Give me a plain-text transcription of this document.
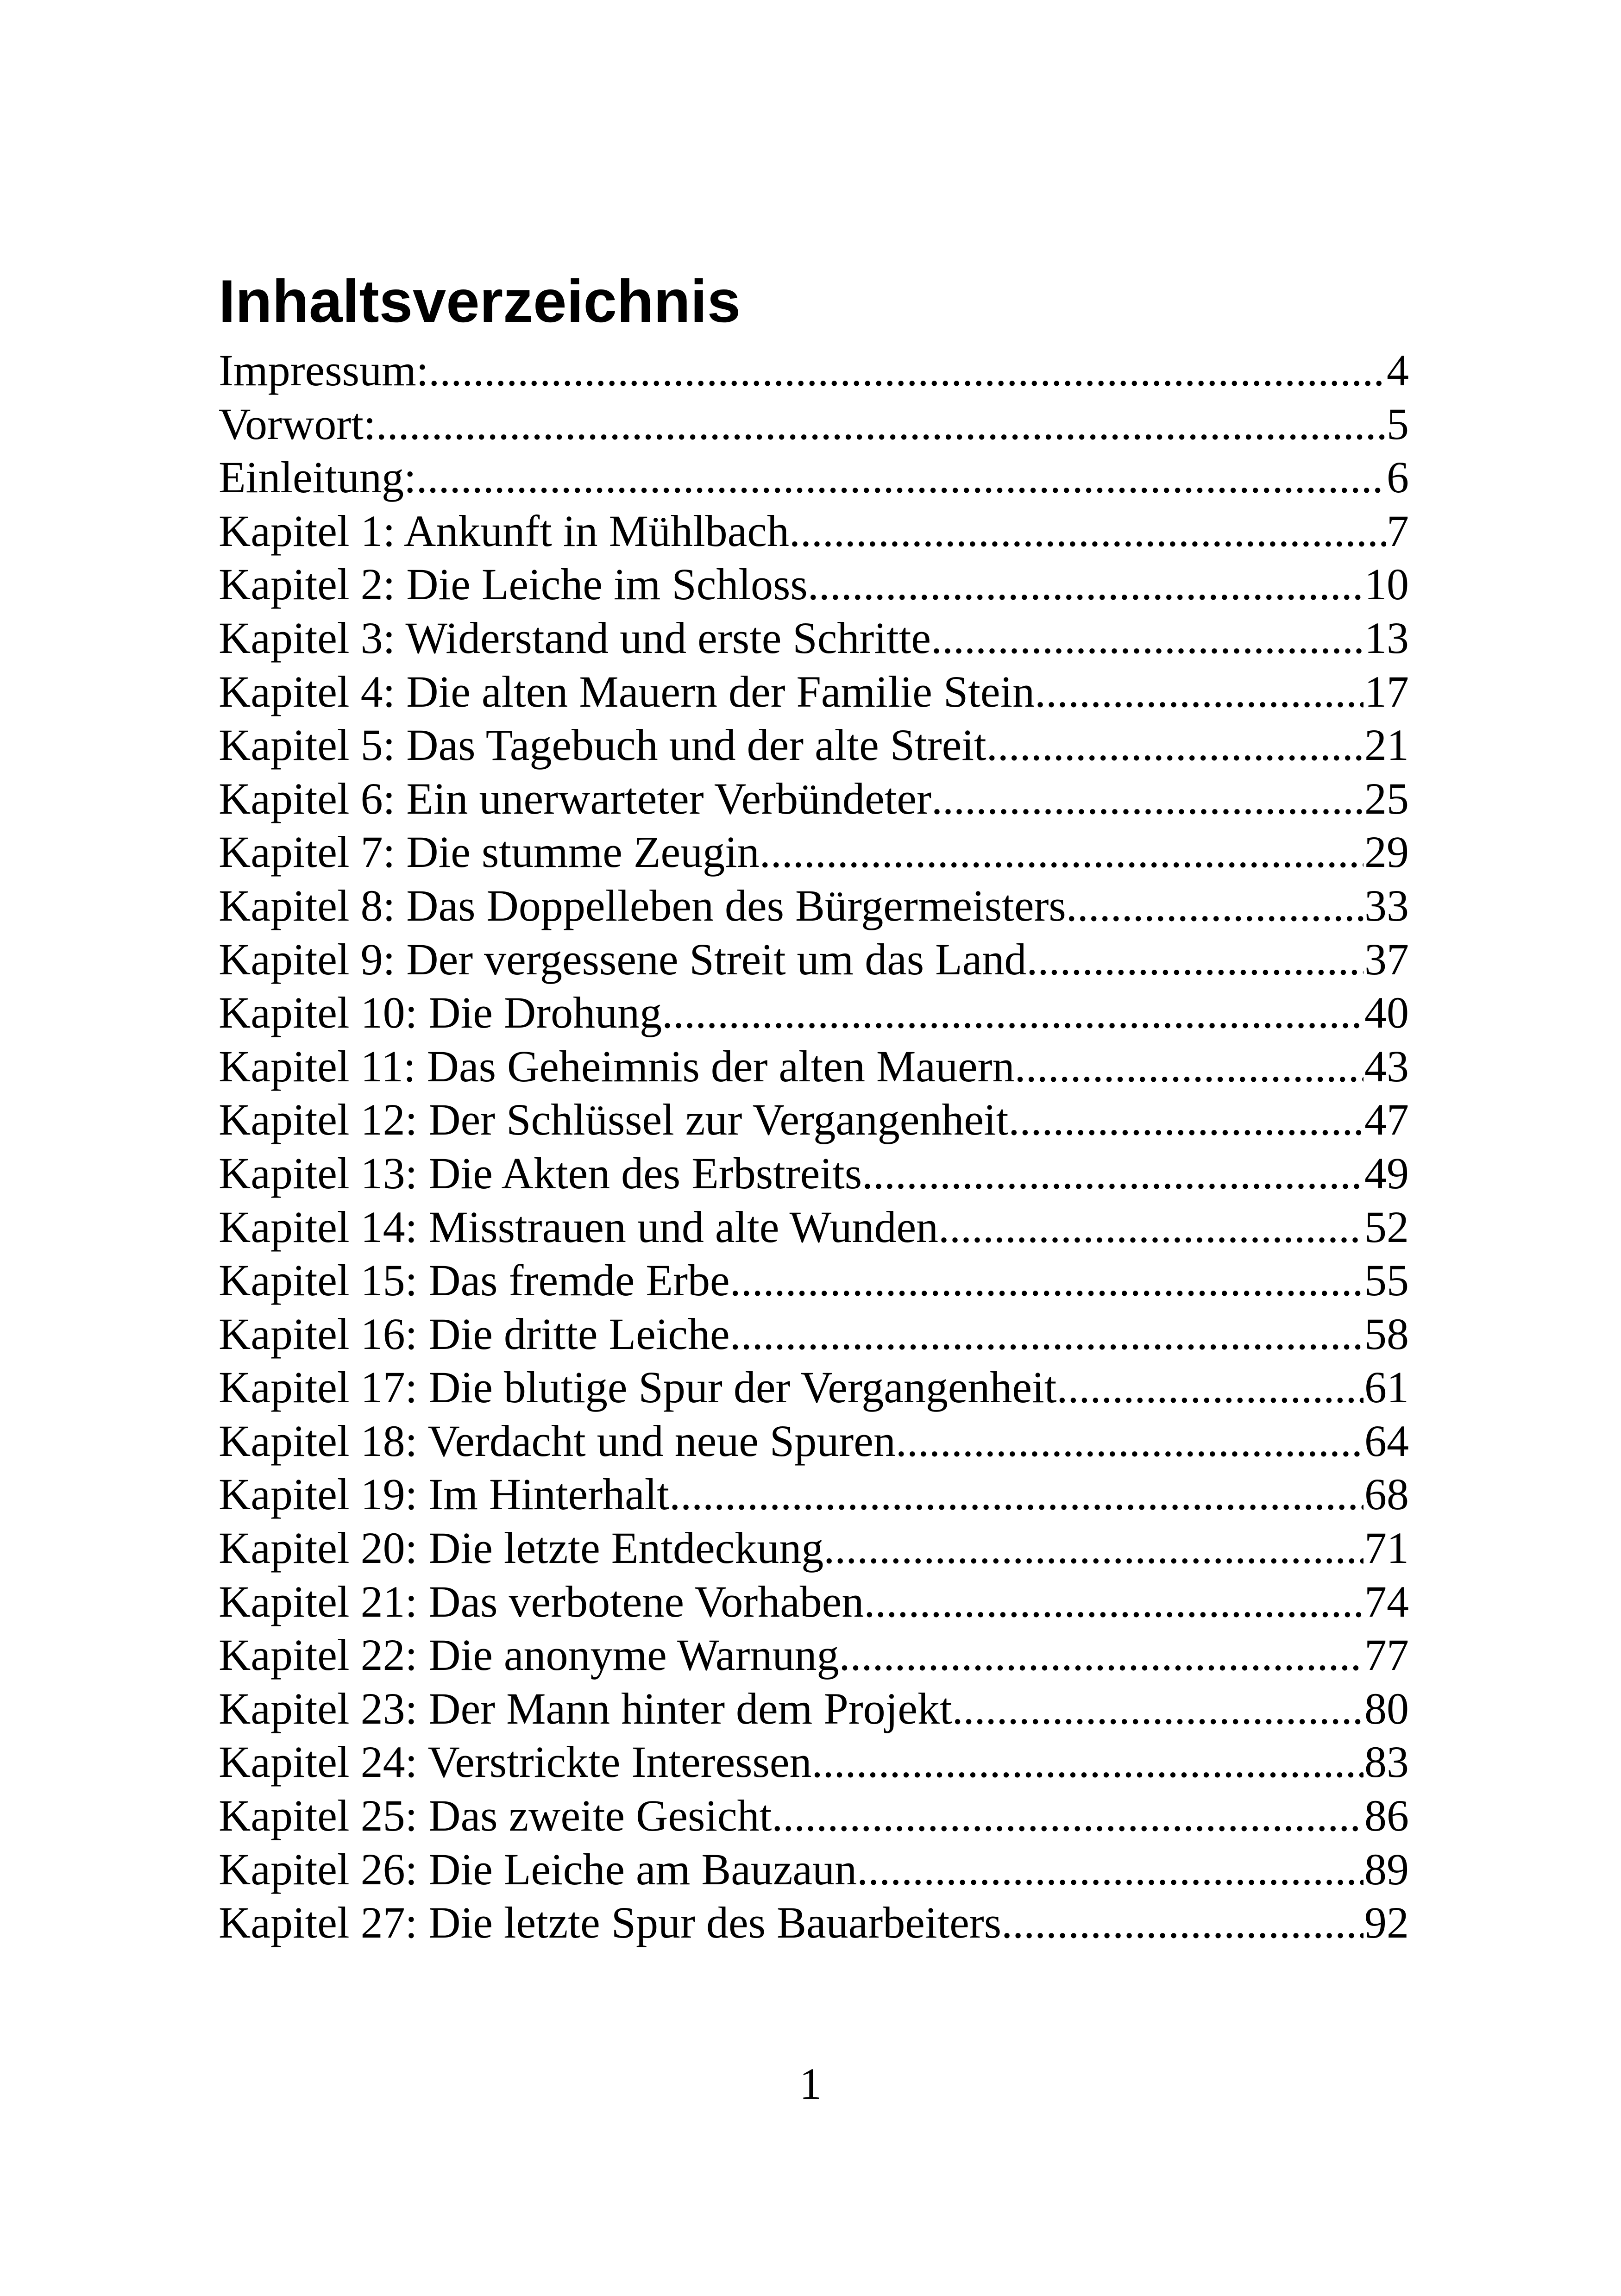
Inhaltsverzeichnis
Impressum: .....	4
Vorwort: .....	5
Einleitung: .....	6
Kapitel 1: Ankunft in Mühlbach .....	7
Kapitel 2: Die Leiche im Schloss .....	10
Kapitel 3: Widerstand und erste Schritte .....	13
Kapitel 4: Die alten Mauern der Familie Stein .....	17
Kapitel 5: Das Tagebuch und der alte Streit .....	21
Kapitel 6: Ein unerwarteter Verbündeter .....	25
Kapitel 7: Die stumme Zeugin .....	29
Kapitel 8: Das Doppelleben des Bürgermeisters .....	33
Kapitel 9: Der vergessene Streit um das Land .....	37
Kapitel 10: Die Drohung .....	40
Kapitel 11: Das Geheimnis der alten Mauern .....	43
Kapitel 12: Der Schlüssel zur Vergangenheit .....	47
Kapitel 13: Die Akten des Erbstreits .....	49
Kapitel 14: Misstrauen und alte Wunden .....	52
Kapitel 15: Das fremde Erbe .....	55
Kapitel 16: Die dritte Leiche .....	58
Kapitel 17: Die blutige Spur der Vergangenheit .....	61
Kapitel 18: Verdacht und neue Spuren .....	64
Kapitel 19: Im Hinterhalt .....	68
Kapitel 20: Die letzte Entdeckung .....	71
Kapitel 21: Das verbotene Vorhaben .....	74
Kapitel 22: Die anonyme Warnung .....	77
Kapitel 23: Der Mann hinter dem Projekt .....	80
Kapitel 24: Verstrickte Interessen .....	83
Kapitel 25: Das zweite Gesicht .....	86
Kapitel 26: Die Leiche am Bauzaun .....	89
Kapitel 27: Die letzte Spur des Bauarbeiters .....	92
1
